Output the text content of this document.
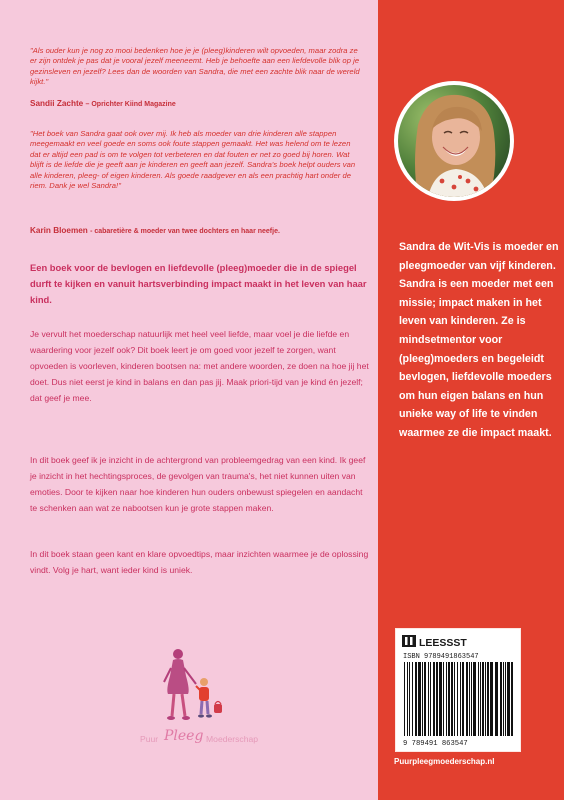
"Als ouder kun je nog zo mooi bedenken hoe je je (pleeg)kinderen wilt opvoeden, maar zodra ze er zijn ontdek je pas dat je vooral jezelf meeneemt. Heb je behoefte aan een liefdevolle blik op je gezinsleven en jezelf? Lees dan de woorden van Sandra, die met een zachte blik naar de wereld kijkt."
Sandii Zachte – Oprichter Kiind Magazine
"Het boek van Sandra gaat ook over mij. Ik heb als moeder van drie kinderen alle stappen meegemaakt en veel goede en soms ook foute stappen gemaakt. Het was helend om te lezen dat er altijd een pad is om te volgen tot verbeteren en dat fouten er net zo goed bij horen. Wat blijft is de liefde die je geeft aan je kinderen en geeft aan jezelf. Sandra's boek helpt ouders van alle kinderen, pleeg- of eigen kinderen. Als goede raadgever en als een prachtig hart onder de riem. Dank je wel Sandra!"
Karin Bloemen - cabaretière & moeder van twee dochters en haar neefje.
Een boek voor de bevlogen en liefdevolle (pleeg)moeder die in de spiegel durft te kijken en vanuit hartsverbinding impact maakt in het leven van haar kind.
Je vervult het moederschap natuurlijk met heel veel liefde, maar voel je die liefde en waardering voor jezelf ook? Dit boek leert je om goed voor jezelf te zorgen, want opvoeden is voorleven, kinderen bootsen na: met andere woorden, ze doen na hoe jij het doet. Dus niet eerst je kind in balans en dan pas jij. Maak priori-tijd van je kind én jezelf; dat geef je mee.
In dit boek geef ik je inzicht in de achtergrond van probleemgedrag van een kind. Ik geef je inzicht in het hechtingsproces, de gevolgen van trauma's, het niet kunnen uiten van emoties. Door te kijken naar hoe kinderen hun ouders onbewust spiegelen en aandacht te schenken aan wat ze nabootsen kun je grote stappen maken.
In dit boek staan geen kant en klare opvoedtips, maar inzichten waarmee je de oplossing vindt. Volg je hart, want ieder kind is uniek.
Puur Pleeg Moederschap
Sandra de Wit-Vis is moeder en pleegmoeder van vijf kinderen. Sandra is een moeder met een missie; impact maken in het leven van kinderen. Ze is mindsetmentor voor (pleeg)moeders en begeleidt bevlogen, liefdevolle moeders om hun eigen balans en hun unieke way of life te vinden waarmee ze die impact maakt.
LEESSST
ISBN 9789491863547
9 789491 863547
Puurpleegmoederschap.nl
